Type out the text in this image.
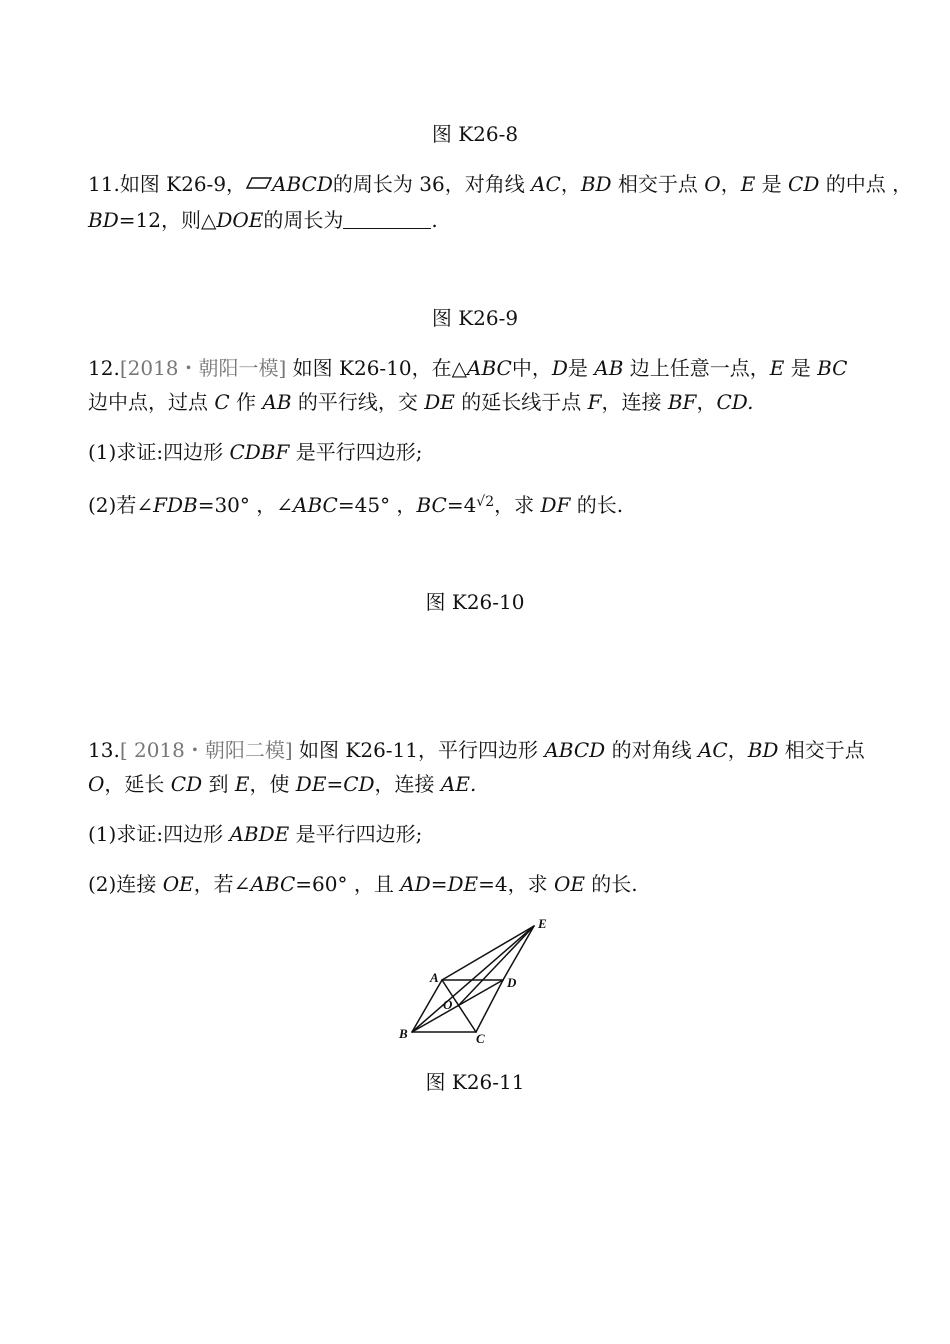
图 K26-8
11.如图 K26-9， ABCD的周长为 36，对角线 AC，BD 相交于点 O，E 是 CD 的中点 ，
BD=12，则△DOE的周长为	.
图 K26-9
12.[2018・朝阳一模] 如图 K26-10，在△ABC中，D是 AB 边上任意一点，E 是 BC
边中点，过点 C 作 AB 的平行线，交 DE 的延长线于点 F，连接 BF，CD.
(1)求证:四边形 CDBF 是平行四边形;
(2)若∠FDB=30° ，∠ABC=45° ，$BC=4^{√2}$，求 DF 的长.
图 K26-10
13.[ 2018・朝阳二模] 如图 K26-11，平行四边形 ABCD 的对角线 AC，BD 相交于点
O，延长 CD 到 E，使 DE=CD，连接 AE.
(1)求证:四边形 ABDE 是平行四边形;
(2)连接 OE，若∠ABC=60° ，且 AD=DE=4，求 OE 的长.
A
B	C
D
E
O
图 K26-11
